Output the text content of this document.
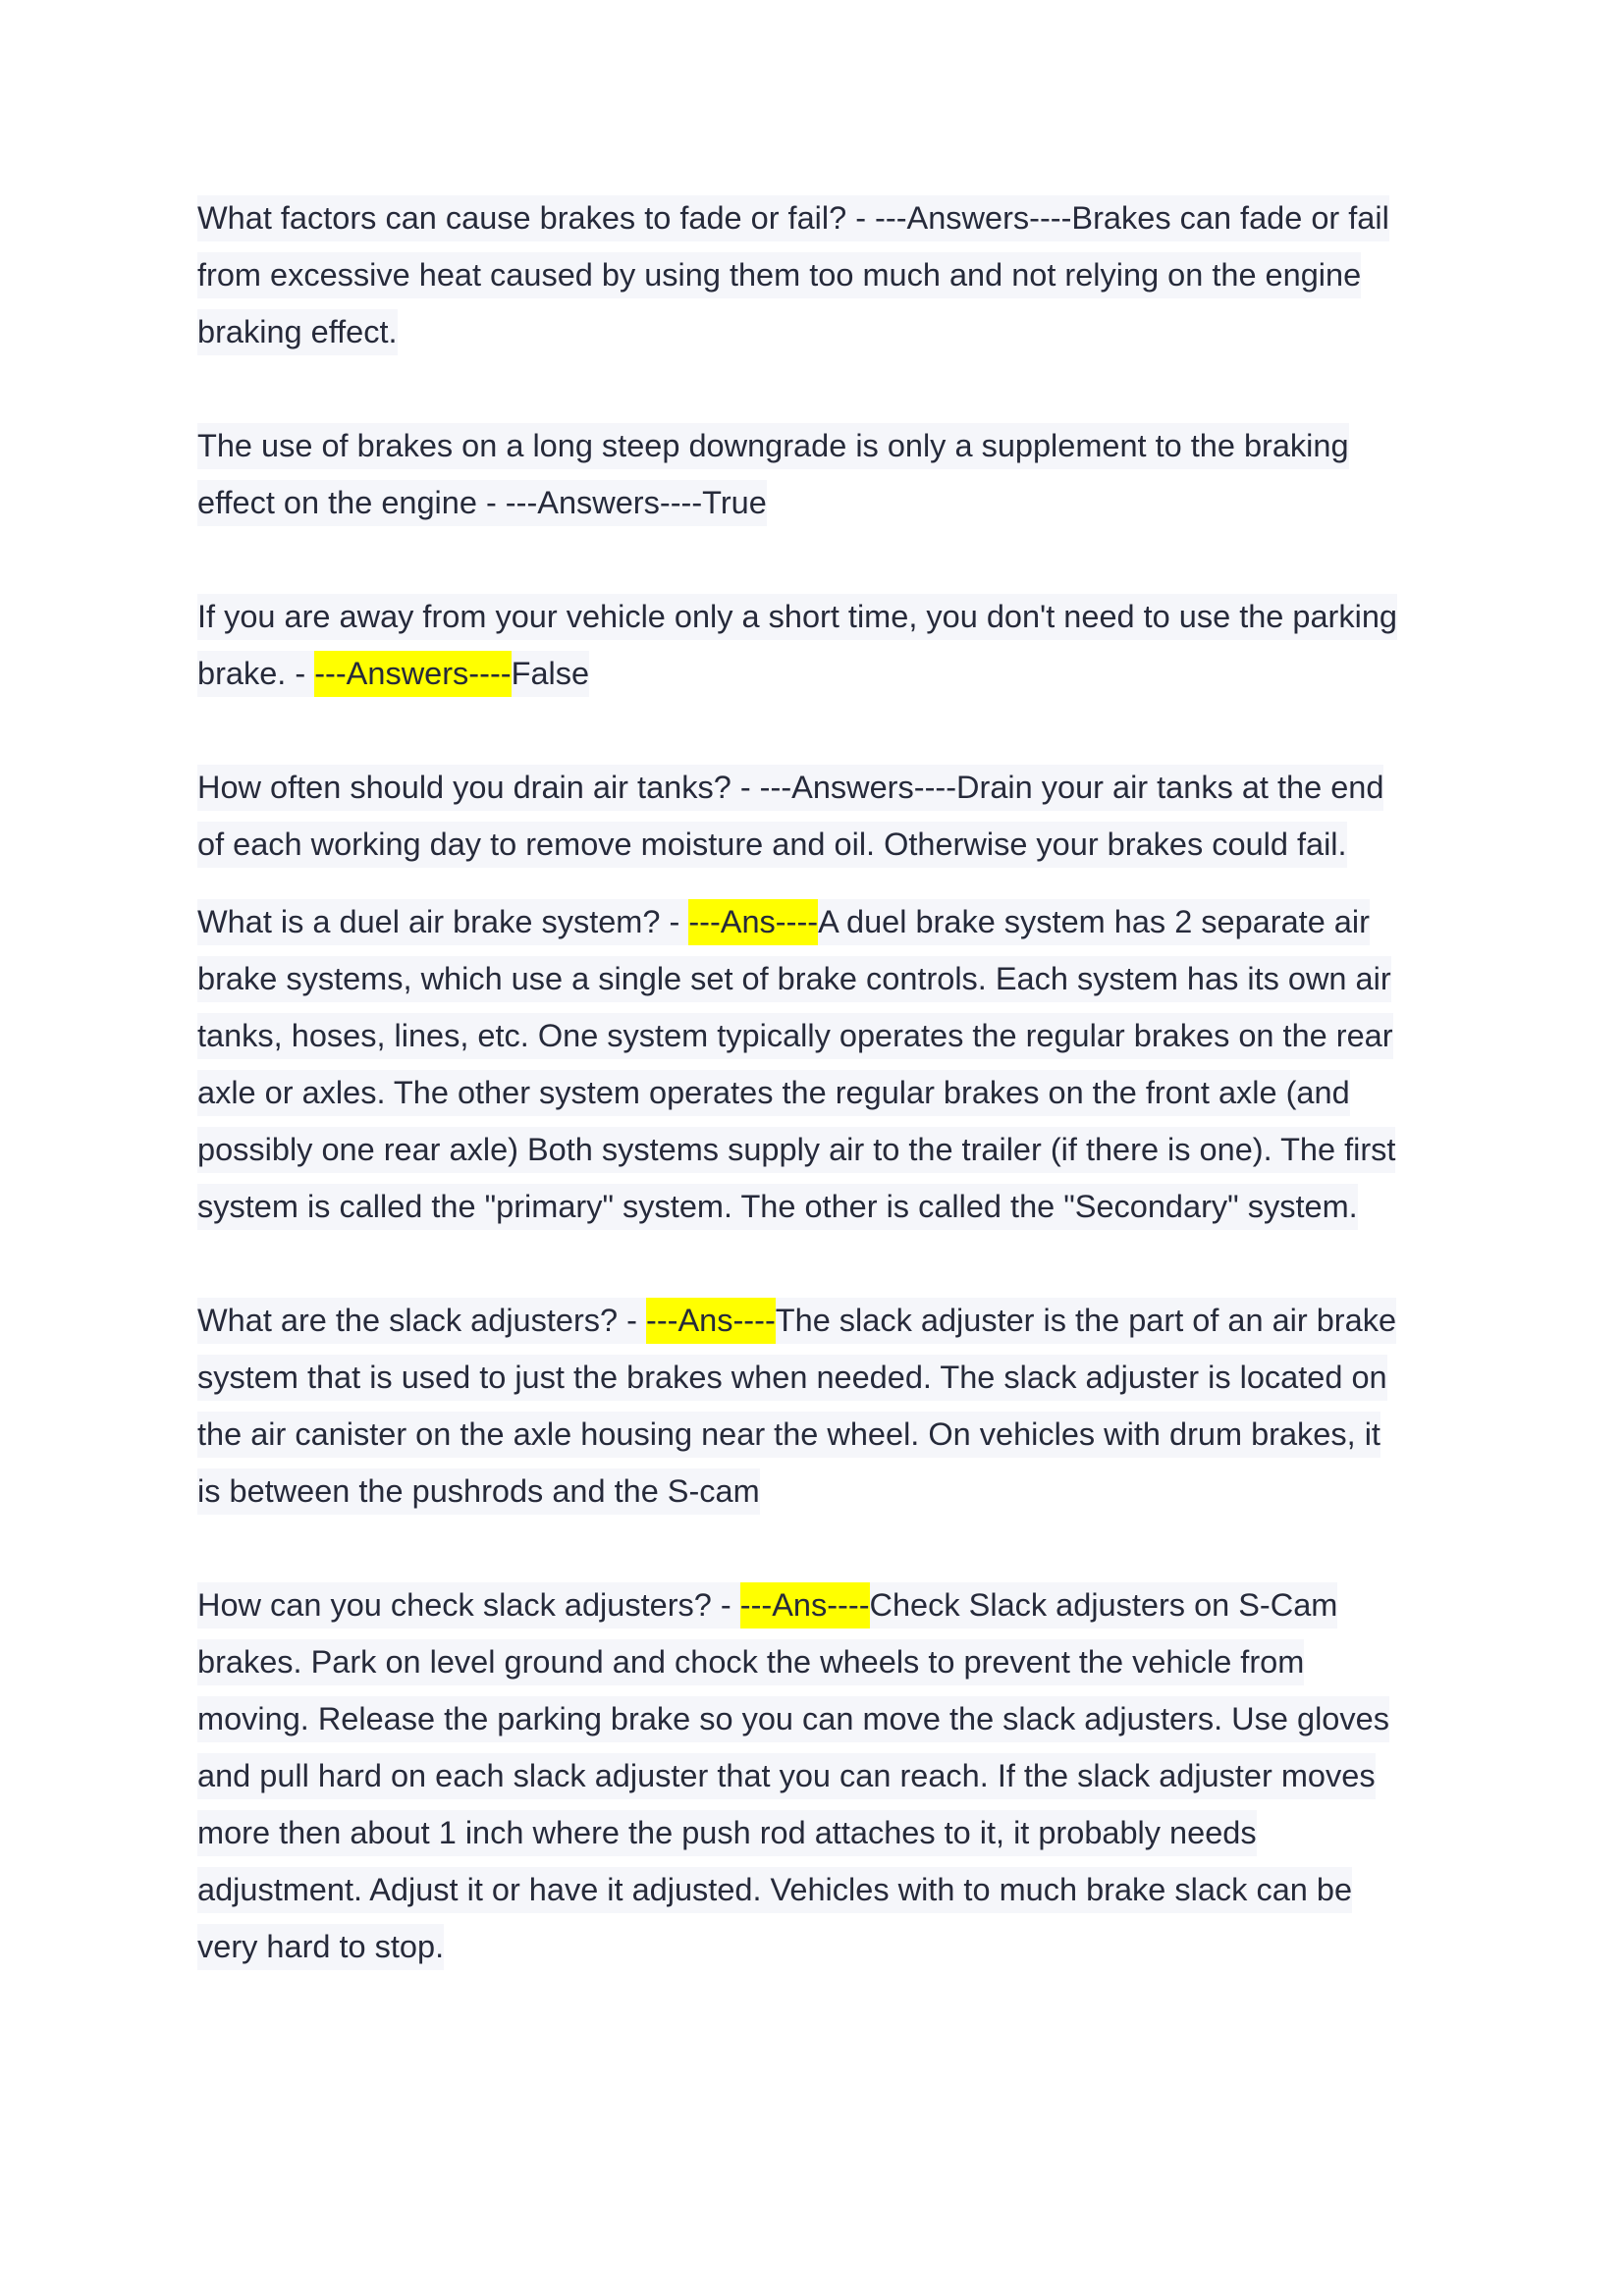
What factors can cause brakes to fade or fail? - ---Answers----Brakes can fade or fail
from excessive heat caused by using them too much and not relying on the engine
braking effect.
The use of brakes on a long steep downgrade is only a supplement to the braking
effect on the engine - ---Answers----True
If you are away from your vehicle only a short time, you don't need to use the parking
brake. - ---Answers----False
How often should you drain air tanks? - ---Answers----Drain your air tanks at the end
of each working day to remove moisture and oil. Otherwise your brakes could fail.
What is a duel air brake system? - ---Ans----A duel brake system has 2 separate air
brake systems, which use a single set of brake controls. Each system has its own air
tanks, hoses, lines, etc. One system typically operates the regular brakes on the rear
axle or axles. The other system operates the regular brakes on the front axle (and
possibly one rear axle) Both systems supply air to the trailer (if there is one). The first
system is called the "primary" system. The other is called the "Secondary" system.
What are the slack adjusters? - ---Ans----The slack adjuster is the part of an air brake
system that is used to just the brakes when needed. The slack adjuster is located on
the air canister on the axle housing near the wheel. On vehicles with drum brakes, it
is between the pushrods and the S-cam
How can you check slack adjusters? - ---Ans----Check Slack adjusters on S-Cam
brakes. Park on level ground and chock the wheels to prevent the vehicle from
moving. Release the parking brake so you can move the slack adjusters. Use gloves
and pull hard on each slack adjuster that you can reach. If the slack adjuster moves
more then about 1 inch where the push rod attaches to it, it probably needs
adjustment. Adjust it or have it adjusted. Vehicles with to much brake slack can be
very hard to stop.
